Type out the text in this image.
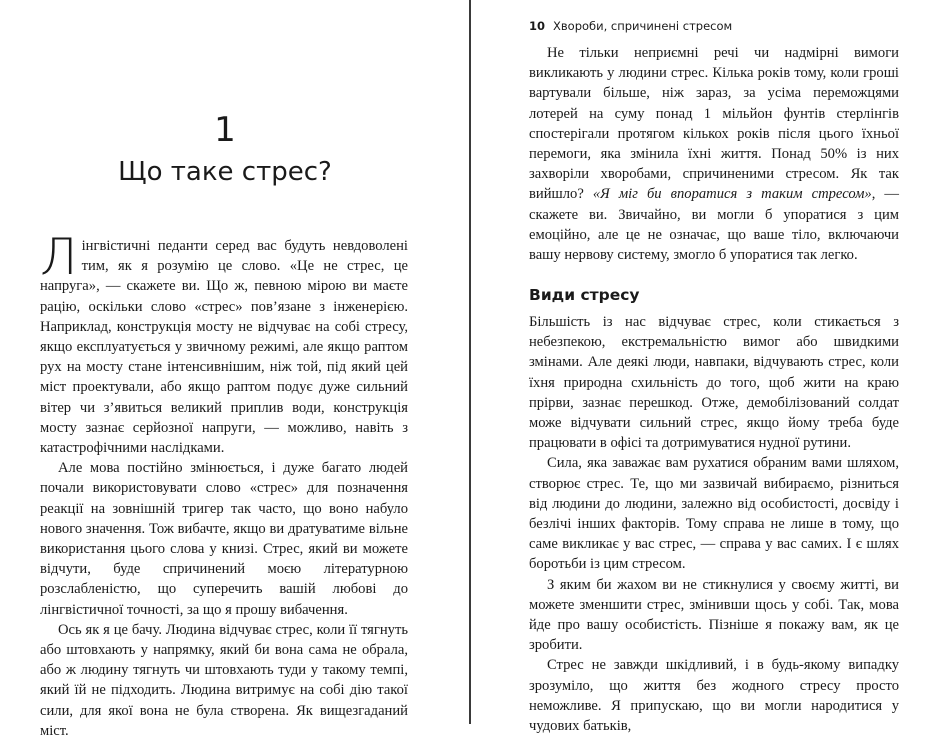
1
Що таке стрес?

Лінгвістичні педанти серед вас будуть невдоволені тим, як я розумію це слово. «Це не стрес, це напруга», — скажете ви. Що ж, певною мірою ви маєте рацію, оскільки слово «стрес» пов’язане з інженерією. Наприклад, конструкція мосту не відчуває на собі стресу, якщо експлуатується у звичному режимі, але якщо раптом рух на мосту стане інтенсивнішим, ніж той, під який цей міст проектували, або якщо раптом подує дуже сильний вітер чи з’явиться великий приплив води, конструкція мосту зазнає серйозної напруги, — можливо, навіть з катастрофічними наслідками.

Але мова постійно змінюється, і дуже багато людей почали використовувати слово «стрес» для позначення реакції на зовнішній тригер так часто, що воно набуло нового значення. Тож вибачте, якщо ви дратуватиме вільне використання цього слова у книзі. Стрес, який ви можете відчути, буде спричинений моєю літературною розслабленістю, що суперечить вашій любові до лінгвістичної точності, за що я прошу вибачення.

Ось як я це бачу. Людина відчуває стрес, коли її тягнуть або штовхають у напрямку, який би вона сама не обрала, або ж людину тягнуть чи штовхають туди у такому темпі, який їй не підходить. Людина витримує на собі дію такої сили, для якої вона не була створена. Як вищезгаданий міст.

10 Хвороби, спричинені стресом

Не тільки неприємні речі чи надмірні вимоги викликають у людини стрес. Кілька років тому, коли гроші вартували більше, ніж зараз, за усіма переможцями лотерей на суму понад 1 мільйон фунтів стерлінгів спостерігали протягом кількох років після цього їхньої перемоги, яка змінила їхні життя. Понад 50% із них захворіли хворобами, спричиненими стресом. Як так вийшло? «Я міг би впоратися з таким стресом», — скажете ви. Звичайно, ви могли б упоратися з цим емоційно, але це не означає, що ваше тіло, включаючи вашу нервову систему, змогло б упоратися так легко.

Види стресу

Більшість із нас відчуває стрес, коли стикається з небезпекою, екстремальністю вимог або швидкими змінами. Але деякі люди, навпаки, відчувають стрес, коли їхня природна схильність до того, щоб жити на краю прірви, зазнає перешкод. Отже, демобілізований солдат може відчувати сильний стрес, якщо йому треба буде працювати в офісі та дотримуватися нудної рутини.

Сила, яка заважає вам рухатися обраним вами шляхом, створює стрес. Те, що ми зазвичай вибираємо, різниться від людини до людини, залежно від особистості, досвіду і безлічі інших факторів. Тому справа не лише в тому, що саме викликає у вас стрес, — справа у вас самих. І є шлях боротьби із цим стресом.

З яким би жахом ви не стикнулися у своєму житті, ви можете зменшити стрес, змінивши щось у собі. Так, мова йде про вашу особистість. Пізніше я покажу вам, як це зробити.

Стрес не завжди шкідливий, і в будь-якому випадку зрозуміло, що життя без жодного стресу просто неможливе. Я припускаю, що ви могли народитися у чудових батьків,
